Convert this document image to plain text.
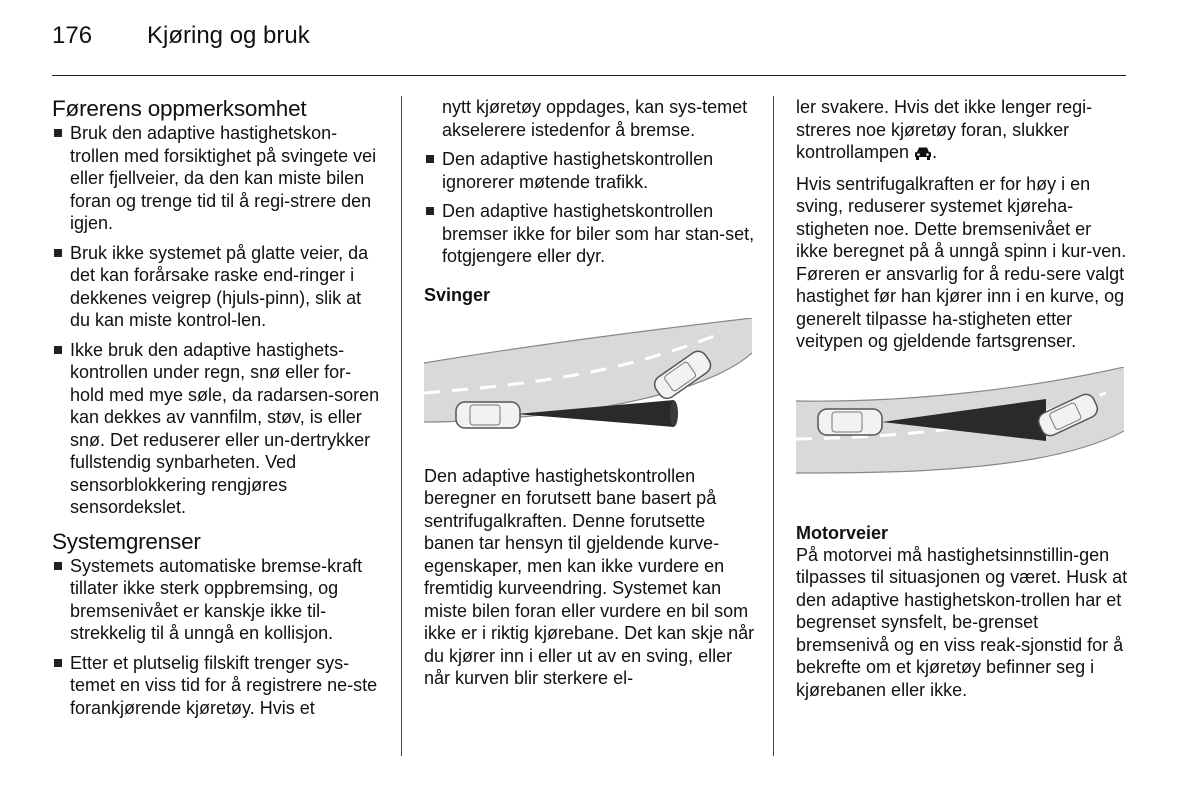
176 Kjøring og bruk
Førerens oppmerksomhet
Bruk den adaptive hastighetskon-trollen med forsiktighet på svingete vei eller fjellveier, da den kan miste bilen foran og trenge tid til å regi-strere den igjen.
Bruk ikke systemet på glatte veier, da det kan forårsake raske end-ringer i dekkenes veigrep (hjuls-pinn), slik at du kan miste kontrol-len.
Ikke bruk den adaptive hastighets-kontrollen under regn, snø eller for-hold med mye søle, da radarsen-soren kan dekkes av vannfilm, støv, is eller snø. Det reduserer eller un-dertrykker fullstendig synbarheten. Ved sensorblokkering rengjøres sensordekslet.
Systemgrenser
Systemets automatiske bremse-kraft tillater ikke sterk oppbremsing, og bremsenivået er kanskje ikke til-strekkelig til å unngå en kollisjon.
Etter et plutselig filskift trenger sys-temet en viss tid for å registrere ne-ste forankjørende kjøretøy. Hvis et
nytt kjøretøy oppdages, kan sys-temet akselerere istedenfor å bremse.
Den adaptive hastighetskontrollen ignorerer møtende trafikk.
Den adaptive hastighetskontrollen bremser ikke for biler som har stan-set, fotgjengere eller dyr.
Svinger

Den adaptive hastighetskontrollen beregner en forutsett bane basert på sentrifugalkraften. Denne forutsette banen tar hensyn til gjeldende kurve-egenskaper, men kan ikke vurdere en fremtidig kurveendring. Systemet kan miste bilen foran eller vurdere en bil som ikke er i riktig kjørebane. Det kan skje når du kjører inn i eller ut av en sving, eller når kurven blir sterkere el-

ler svakere. Hvis det ikke lenger regi-streres noe kjøretøy foran, slukker kontrollampen .

Hvis sentrifugalkraften er for høy i en sving, reduserer systemet kjøreha-stigheten noe. Dette bremsenivået er ikke beregnet på å unngå spinn i kur-ven. Føreren er ansvarlig for å redu-sere valgt hastighet før han kjører inn i en kurve, og generelt tilpasse ha-stigheten etter veitypen og gjeldende fartsgrenser.

Motorveier

På motorvei må hastighetsinnstillin-gen tilpasses til situasjonen og været. Husk at den adaptive hastighetskon-trollen har et begrenset synsfelt, be-grenset bremsenivå og en viss reak-sjonstid for å bekrefte om et kjøretøy befinner seg i kjørebanen eller ikke.
